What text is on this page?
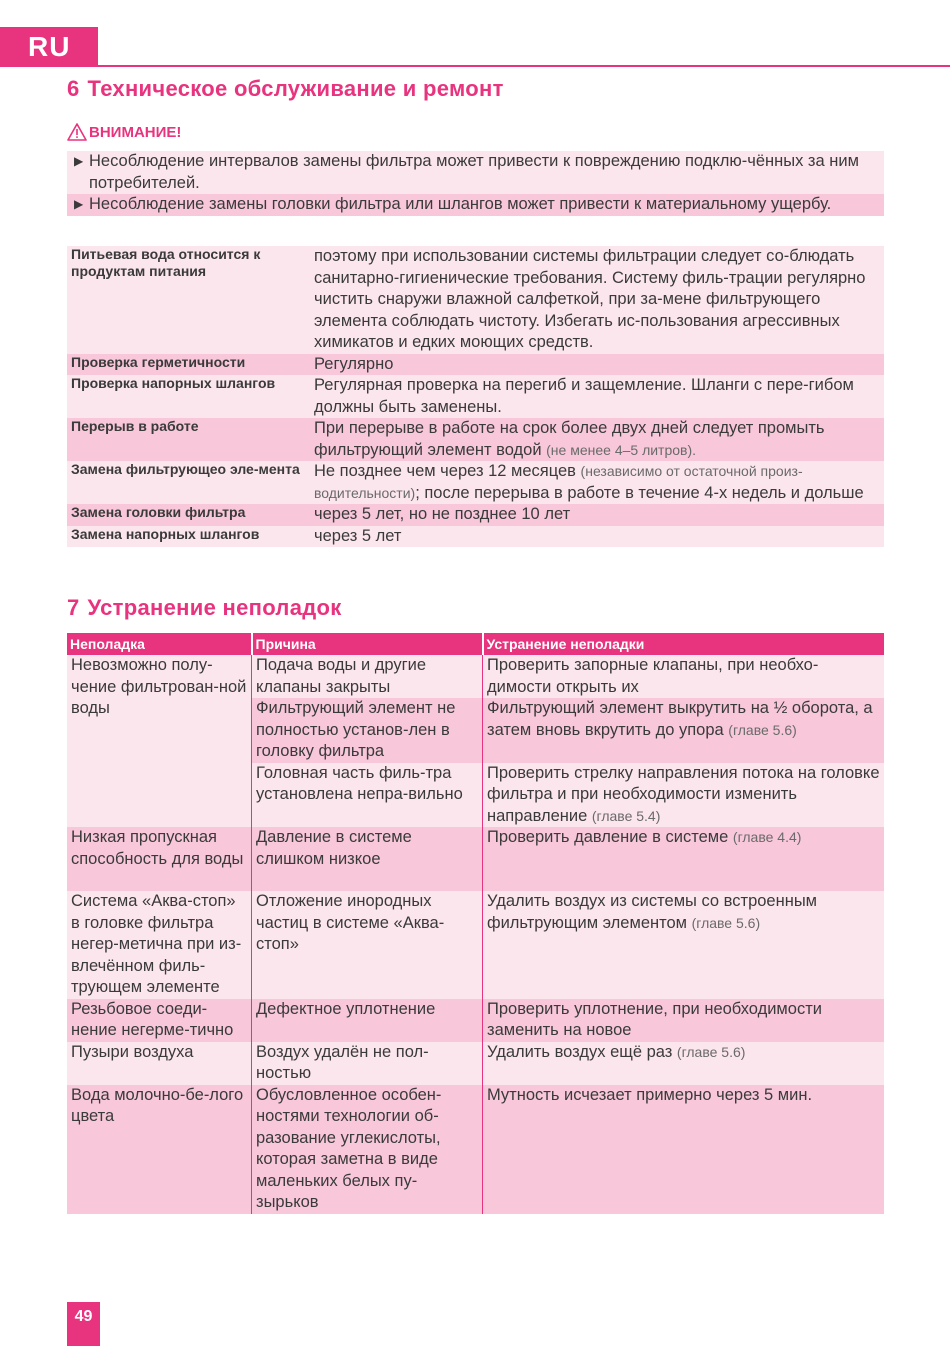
RU
6 Техническое обслуживание и ремонт
ВНИМАНИЕ!
▶ Несоблюдение интервалов замены фильтра может привести к повреждению подклю-чённых за ним потребителей.
▶ Несоблюдение замены головки фильтра или шлангов может привести к материальному ущербу.
Питьевая вода относится к продуктам питания	поэтому при использовании системы фильтрации следует со-блюдать санитарно-гигиенические требования. Систему филь-трации регулярно чистить снаружи влажной салфеткой, при за-мене фильтрующего элемента соблюдать чистоту. Избегать ис-пользования агрессивных химикатов и едких моющих средств.
Проверка герметичности	Регулярно
Проверка напорных шлангов	Регулярная проверка на перегиб и защемление. Шланги с пере-гибом должны быть заменены.
Перерыв в работе	При перерыве в работе на срок более двух дней следует промыть фильтрующий элемент водой (не менее 4–5 литров).
Замена фильтрующео эле-мента	Не позднее чем через 12 месяцев (независимо от остаточной произ-водительности); после перерыва в работе в течение 4-х недель и дольше
Замена головки фильтра	через 5 лет, но не позднее 10 лет
Замена напорных шлангов	через 5 лет
7 Устранение неполадок
Неполадка	Причина	Устранение неполадки
Невозможно полу-чение фильтрован-ной воды	Подача воды и другие клапаны закрыты	Проверить запорные клапаны, при необхо-димости открыть их
	Фильтрующий элемент не полностью установ-лен в головку фильтра	Фильтрующий элемент выкрутить на ½ оборота, а затем вновь вкрутить до упора (главе 5.6)
	Головная часть филь-тра установлена непра-вильно	Проверить стрелку направления потока на головке фильтра и при необходимости изменить направление (главе 5.4)
Низкая пропускная способность для воды	Давление в системе слишком низкое	Проверить давление в системе (главе 4.4)
Система «Аква-стоп» в головке фильтра негер-метична при из-влечённом филь-трующем элементе	Отложение инородных частиц в системе «Аква-стоп»	Удалить воздух из системы со встроенным фильтрующим элементом (главе 5.6)
Резьбовое соеди-нение негерме-тично	Дефектное уплотнение	Проверить уплотнение, при необходимости заменить на новое
Пузыри воздуха	Воздух удалён не пол-ностью	Удалить воздух ещё раз (главе 5.6)
Вода молочно-бе-лого цвета	Обусловленное особен-ностями технологии об-разование углекислоты, которая заметна в виде маленьких белых пу-зырьков	Мутность исчезает примерно через 5 мин.
49
